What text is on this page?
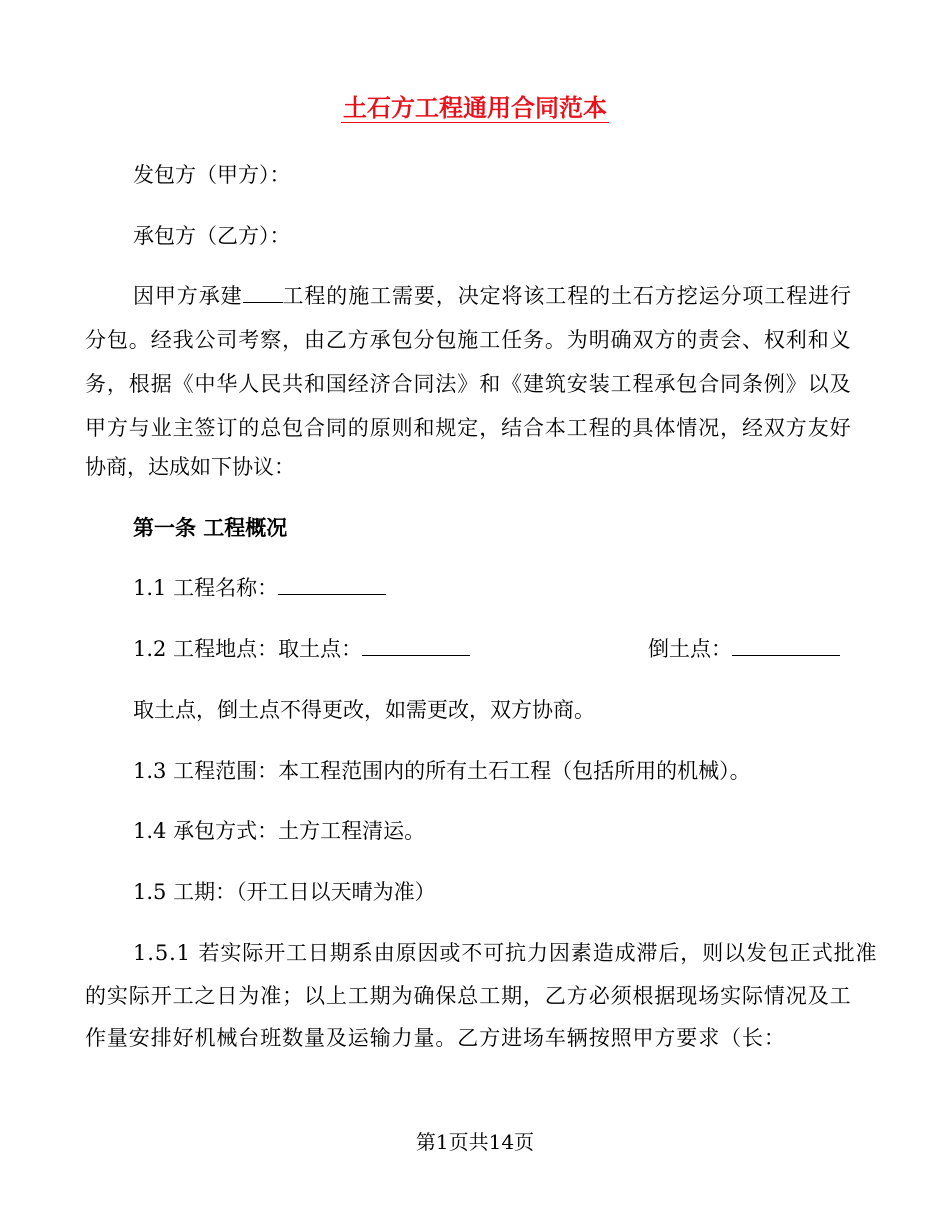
土石方工程通用合同范本
发包方（甲方）：
承包方（乙方）：
因甲方承建 工程的施工需要，决定将该工程的土石方挖运分项工程进行
分包。经我公司考察，由乙方承包分包施工任务。为明确双方的责会、权利和义
务，根据《中华人民共和国经济合同法》和《建筑安装工程承包合同条例》以及
甲方与业主签订的总包合同的原则和规定，结合本工程的具体情况，经双方友好
协商，达成如下协议：
第一条 工程概况
1.1 工程名称：
1.2 工程地点：取土点：	倒土点：
取土点，倒土点不得更改，如需更改，双方协商。
1.3 工程范围：本工程范围内的所有土石工程（包括所用的机械）。
1.4 承包方式：土方工程清运。
1.5 工期：（开工日以天晴为准）
1.5.1 若实际开工日期系由原因或不可抗力因素造成滞后，则以发包正式批准
的实际开工之日为准；以上工期为确保总工期，乙方必须根据现场实际情况及工
作量安排好机械台班数量及运输力量。乙方进场车辆按照甲方要求（长：
第1页共14页
